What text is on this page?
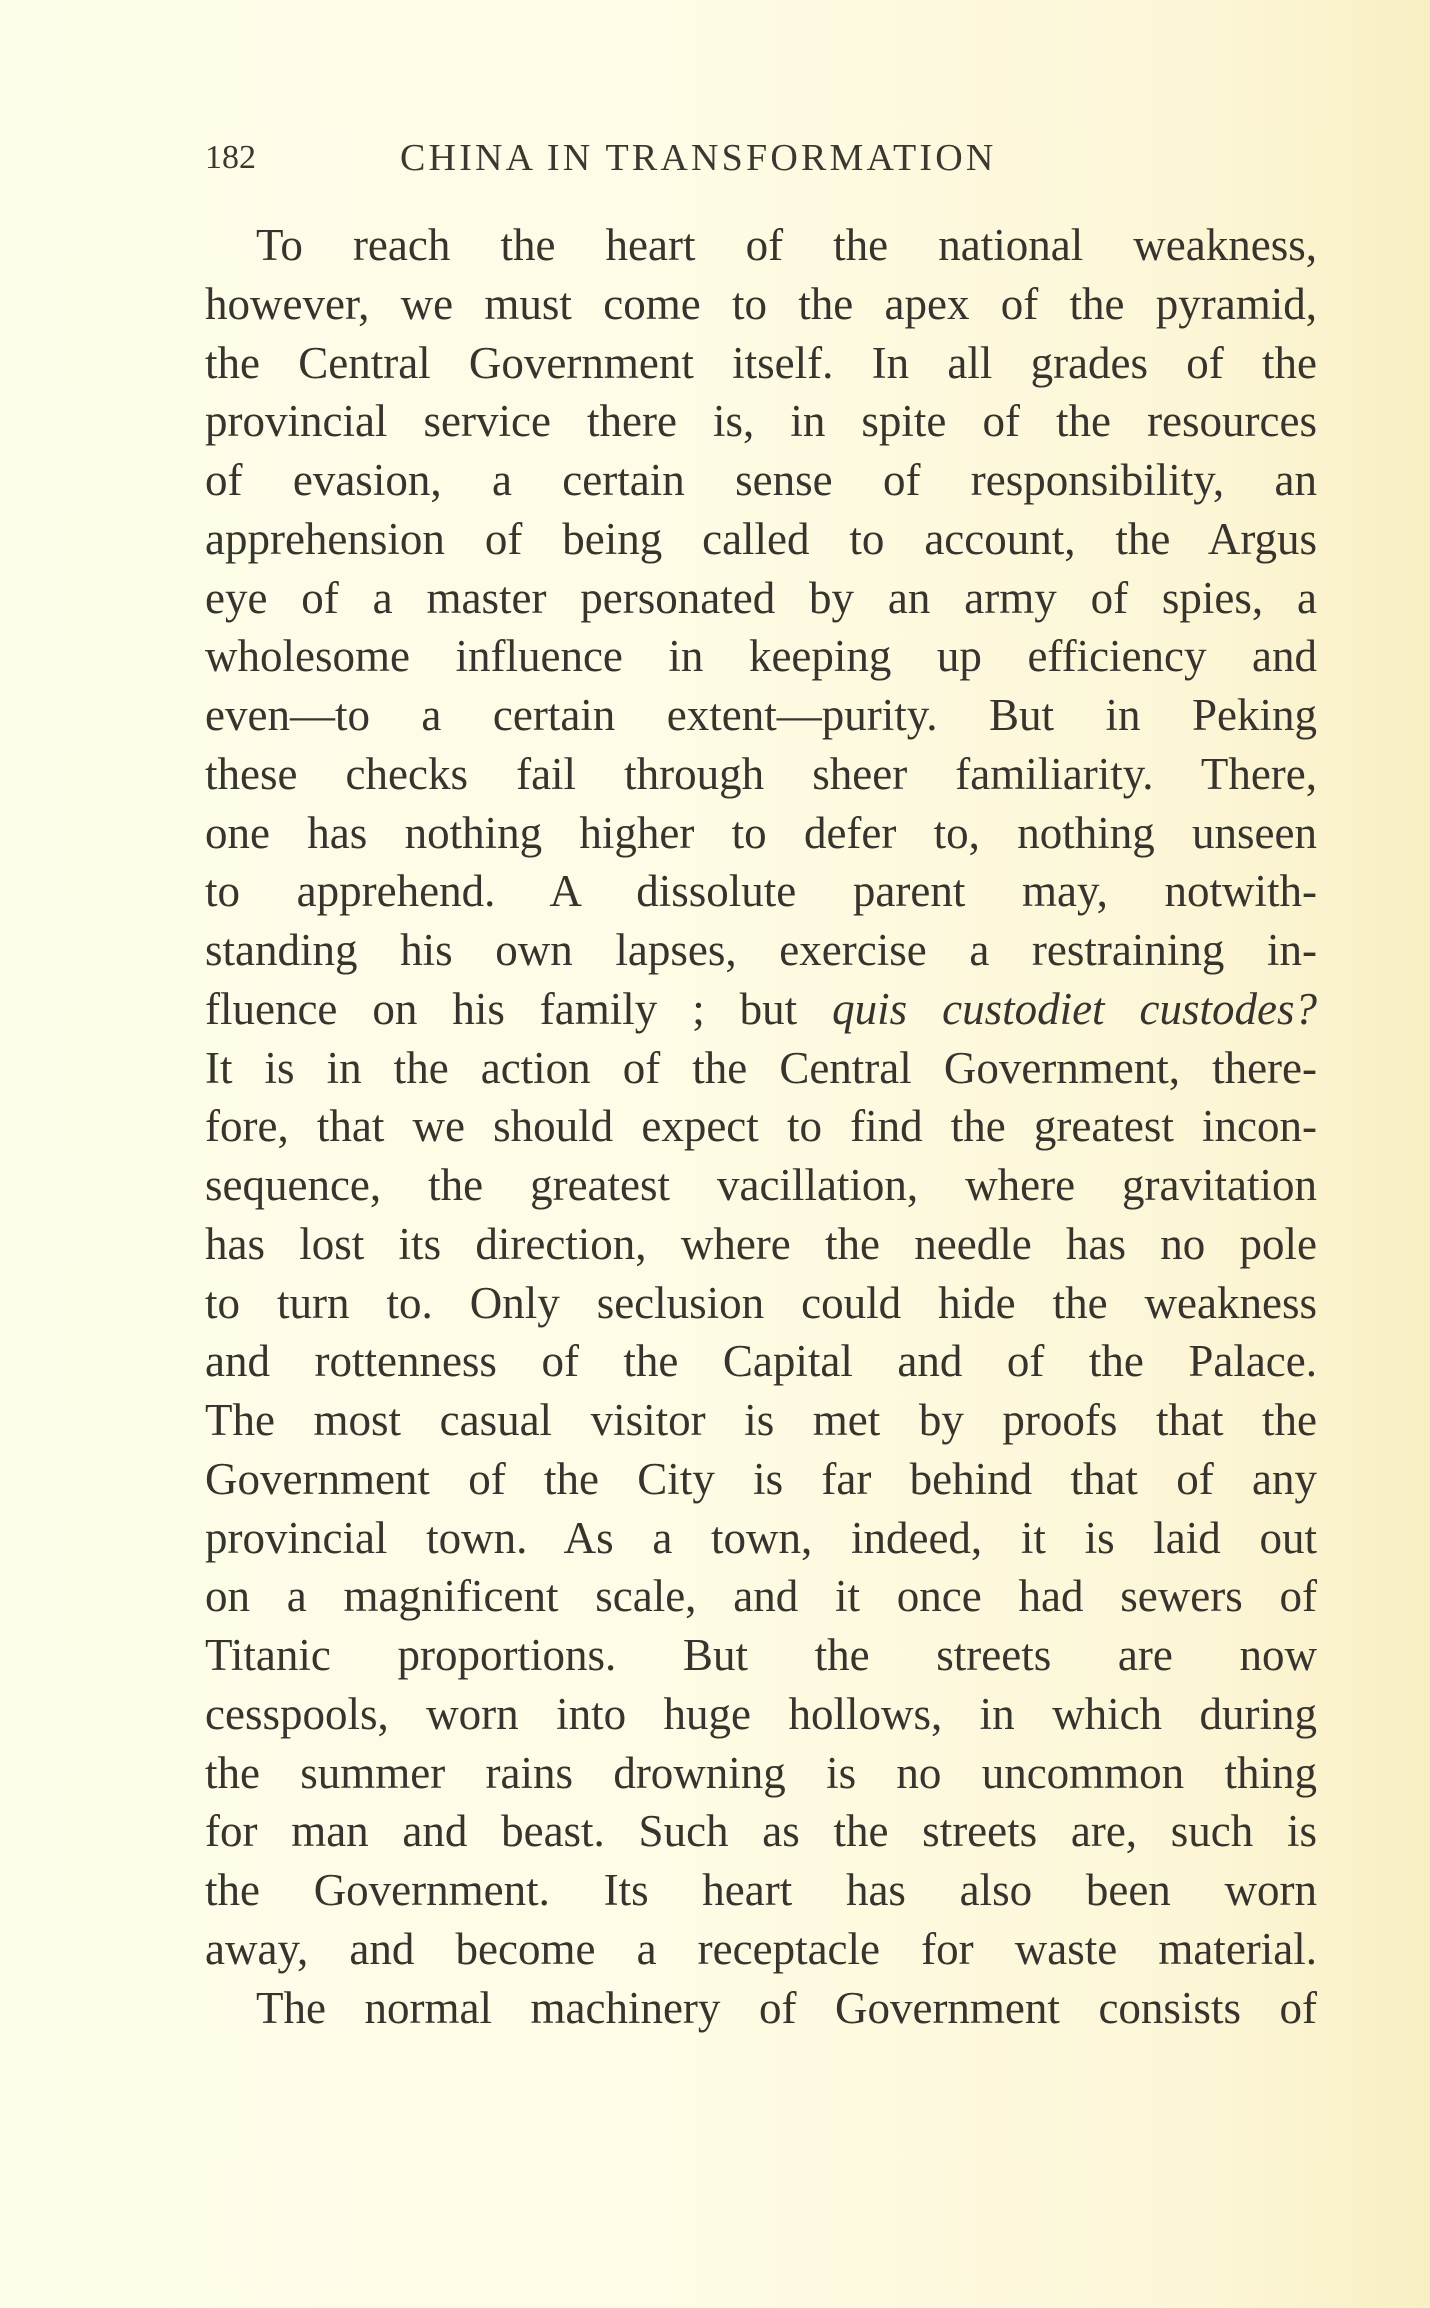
182	CHINA IN TRANSFORMATION
To reach the heart of the national weakness,
however, we must come to the apex of the pyramid,
the Central Government itself. In all grades of the
provincial service there is, in spite of the resources
of evasion, a certain sense of responsibility, an
apprehension of being called to account, the Argus
eye of a master personated by an army of spies, a
wholesome influence in keeping up efficiency and
even—to a certain extent—purity. But in Peking
these checks fail through sheer familiarity. There,
one has nothing higher to defer to, nothing unseen
to apprehend. A dissolute parent may, notwith-
standing his own lapses, exercise a restraining in-
fluence on his family ; but quis custodiet custodes?
It is in the action of the Central Government, there-
fore, that we should expect to find the greatest incon-
sequence, the greatest vacillation, where gravitation
has lost its direction, where the needle has no pole
to turn to. Only seclusion could hide the weakness
and rottenness of the Capital and of the Palace.
The most casual visitor is met by proofs that the
Government of the City is far behind that of any
provincial town. As a town, indeed, it is laid out
on a magnificent scale, and it once had sewers of
Titanic proportions. But the streets are now
cesspools, worn into huge hollows, in which during
the summer rains drowning is no uncommon thing
for man and beast. Such as the streets are, such is
the Government. Its heart has also been worn
away, and become a receptacle for waste material.
The normal machinery of Government consists of
